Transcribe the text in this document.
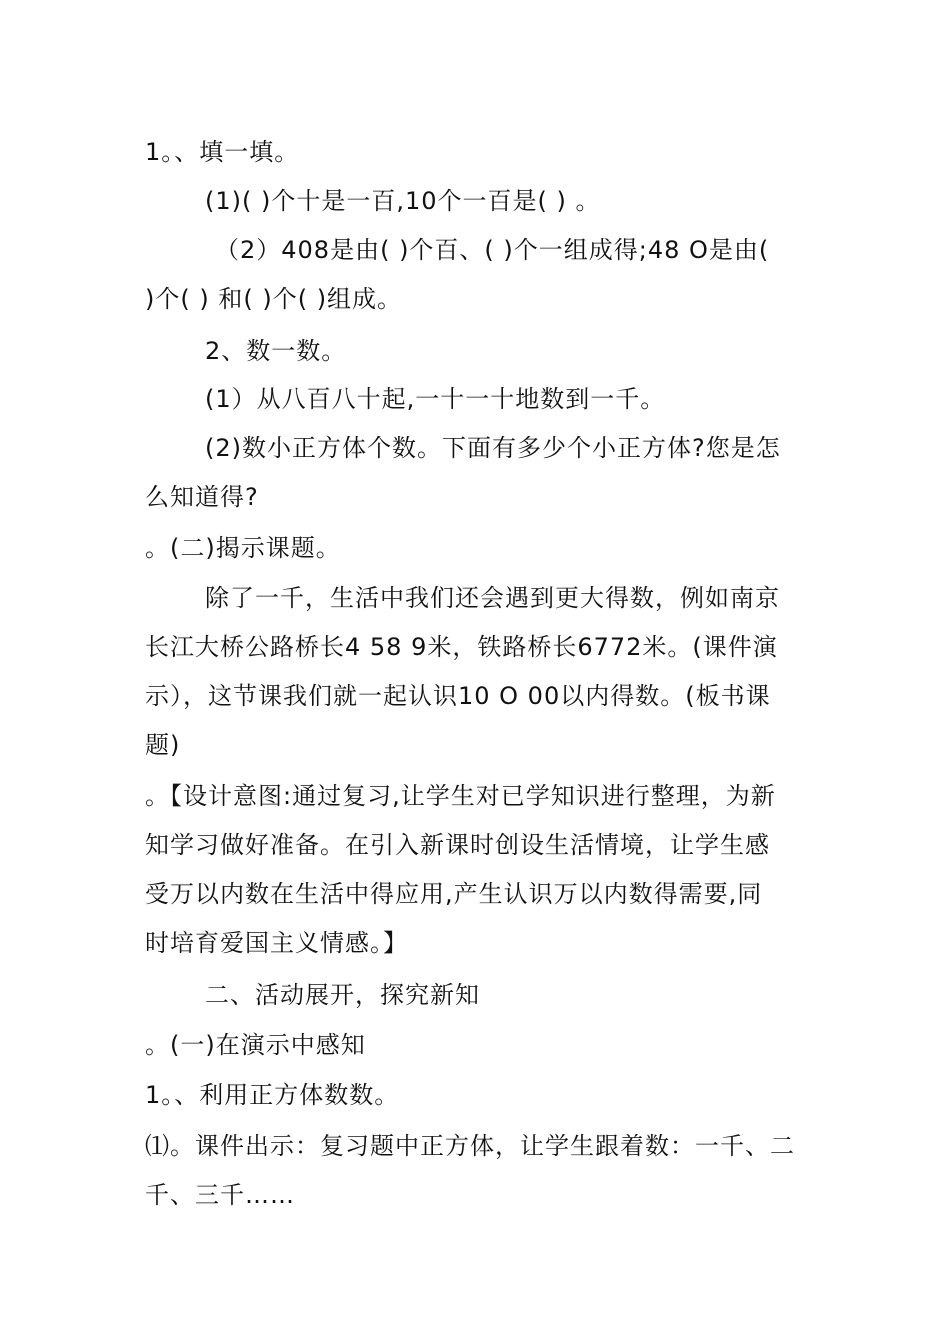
1。、填一填。
(1)( )个十是一百,10个一百是( ) 。
（2）408是由( )个百、( )个一组成得;48 O是由(
)个( ) 和( )个( )组成。
2、数一数。
(1）从八百八十起,一十一十地数到一千。
(2)数小正方体个数。下面有多少个小正方体?您是怎
么知道得?
。(二)揭示课题。
除了一千，生活中我们还会遇到更大得数，例如南京
长江大桥公路桥长4 58 9米，铁路桥长6772米。(课件演
示），这节课我们就一起认识10 O 00以内得数。(板书课
题)
。【设计意图:通过复习,让学生对已学知识进行整理，为新
知学习做好准备。在引入新课时创设生活情境，让学生感
受万以内数在生活中得应用,产生认识万以内数得需要,同
时培育爱国主义情感。】
二、活动展开，探究新知
。(一)在演示中感知
1。、利用正方体数数。
⑴。课件出示：复习题中正方体，让学生跟着数：一千、二
千、三千……
